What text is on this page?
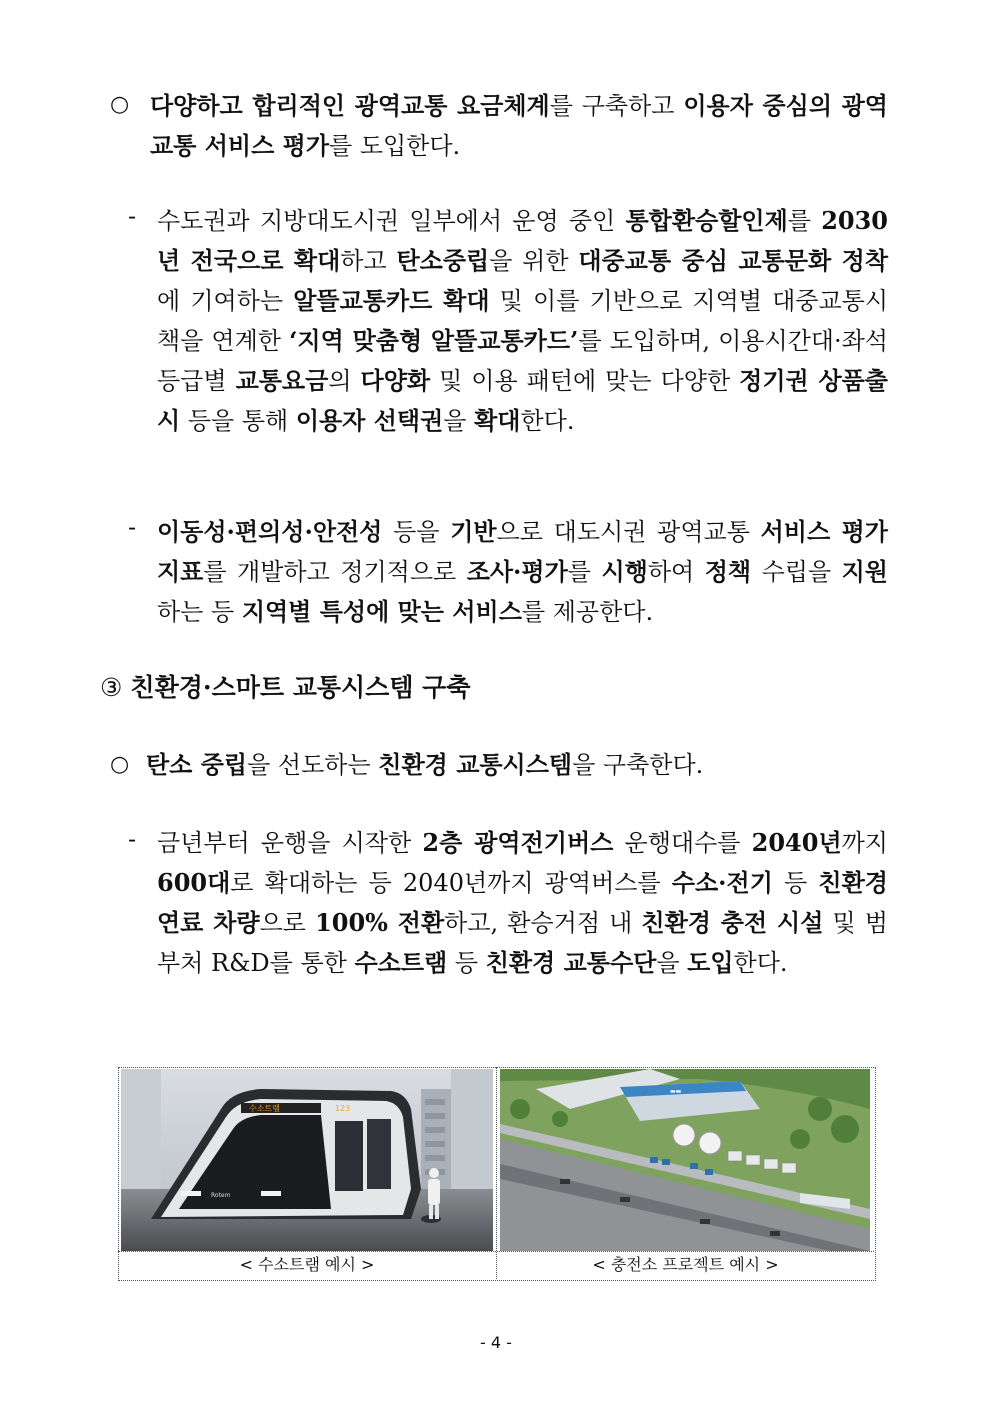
○ 다양하고 합리적인 광역교통 요금체계를 구축하고 이용자 중심의 광역교통 서비스 평가를 도입한다.
- 수도권과 지방대도시권 일부에서 운영 중인 통합환승할인제를 2030년 전국으로 확대하고 탄소중립을 위한 대중교통 중심 교통문화 정착에 기여하는 알뜰교통카드 확대 및 이를 기반으로 지역별 대중교통시책을 연계한 ‘지역 맞춤형 알뜰교통카드’를 도입하며, 이용시간대·좌석등급별 교통요금의 다양화 및 이용 패턴에 맞는 다양한 정기권 상품출시 등을 통해 이용자 선택권을 확대한다.
- 이동성·편의성·안전성 등을 기반으로 대도시권 광역교통 서비스 평가 지표를 개발하고 정기적으로 조사·평가를 시행하여 정책 수립을 지원하는 등 지역별 특성에 맞는 서비스를 제공한다.
③ 친환경·스마트 교통시스템 구축
○ 탄소 중립을 선도하는 친환경 교통시스템을 구축한다.
- 금년부터 운행을 시작한 2층 광역전기버스 운행대수를 2040년까지 600대로 확대하는 등 2040년까지 광역버스를 수소·전기 등 친환경 연료 차량으로 100% 전환하고, 환승거점 내 친환경 충전 시설 및 범부처 R&D를 통한 수소트램 등 친환경 교통수단을 도입한다.
수소트램	123
Rotem
▬▬
< 수소트램 예시 >	< 충전소 프로젝트 예시 >
- 4 -
